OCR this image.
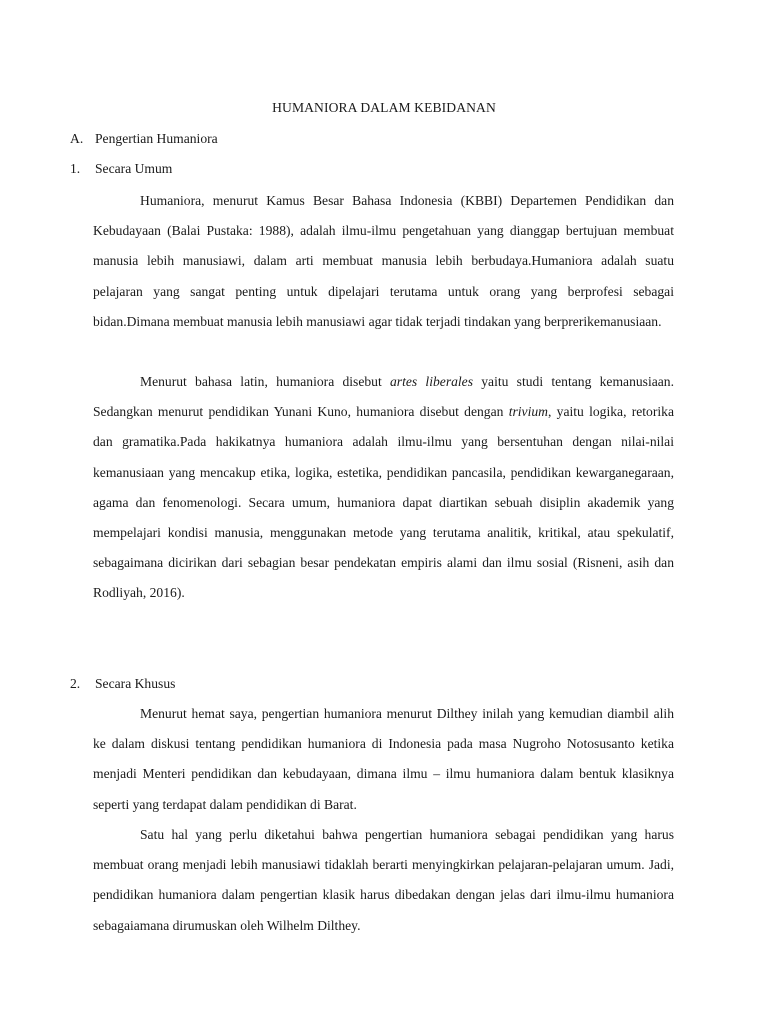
HUMANIORA DALAM KEBIDANAN
A. Pengertian Humaniora
1. Secara Umum

Humaniora, menurut Kamus Besar Bahasa Indonesia (KBBI) Departemen Pendidikan dan Kebudayaan (Balai Pustaka: 1988), adalah ilmu-ilmu pengetahuan yang dianggap bertujuan membuat manusia lebih manusiawi, dalam arti membuat manusia lebih berbudaya.Humaniora adalah suatu pelajaran yang sangat penting untuk dipelajari terutama untuk orang yang berprofesi sebagai bidan.Dimana membuat manusia lebih manusiawi agar tidak terjadi tindakan yang berprerikemanusiaan.

Menurut bahasa latin, humaniora disebut artes liberales yaitu studi tentang kemanusiaan. Sedangkan menurut pendidikan Yunani Kuno, humaniora disebut dengan trivium, yaitu logika, retorika dan gramatika.Pada hakikatnya humaniora adalah ilmu-ilmu yang bersentuhan dengan nilai-nilai kemanusiaan yang mencakup etika, logika, estetika, pendidikan pancasila, pendidikan kewarganegaraan, agama dan fenomenologi. Secara umum, humaniora dapat diartikan sebuah disiplin akademik yang mempelajari kondisi manusia, menggunakan metode yang terutama analitik, kritikal, atau spekulatif, sebagaimana dicirikan dari sebagian besar pendekatan empiris alami dan ilmu sosial (Risneni, asih dan Rodliyah, 2016).

2. Secara Khusus

Menurut hemat saya, pengertian humaniora menurut Dilthey inilah yang kemudian diambil alih ke dalam diskusi tentang pendidikan humaniora di Indonesia pada masa Nugroho Notosusanto ketika menjadi Menteri pendidikan dan kebudayaan, dimana ilmu – ilmu humaniora dalam bentuk klasiknya seperti yang terdapat dalam pendidikan di Barat.

Satu hal yang perlu diketahui bahwa pengertian humaniora sebagai pendidikan yang harus membuat orang menjadi lebih manusiawi tidaklah berarti menyingkirkan pelajaran-pelajaran umum. Jadi, pendidikan humaniora dalam pengertian klasik harus dibedakan dengan jelas dari ilmu-ilmu humaniora sebagaiamana dirumuskan oleh Wilhelm Dilthey.
